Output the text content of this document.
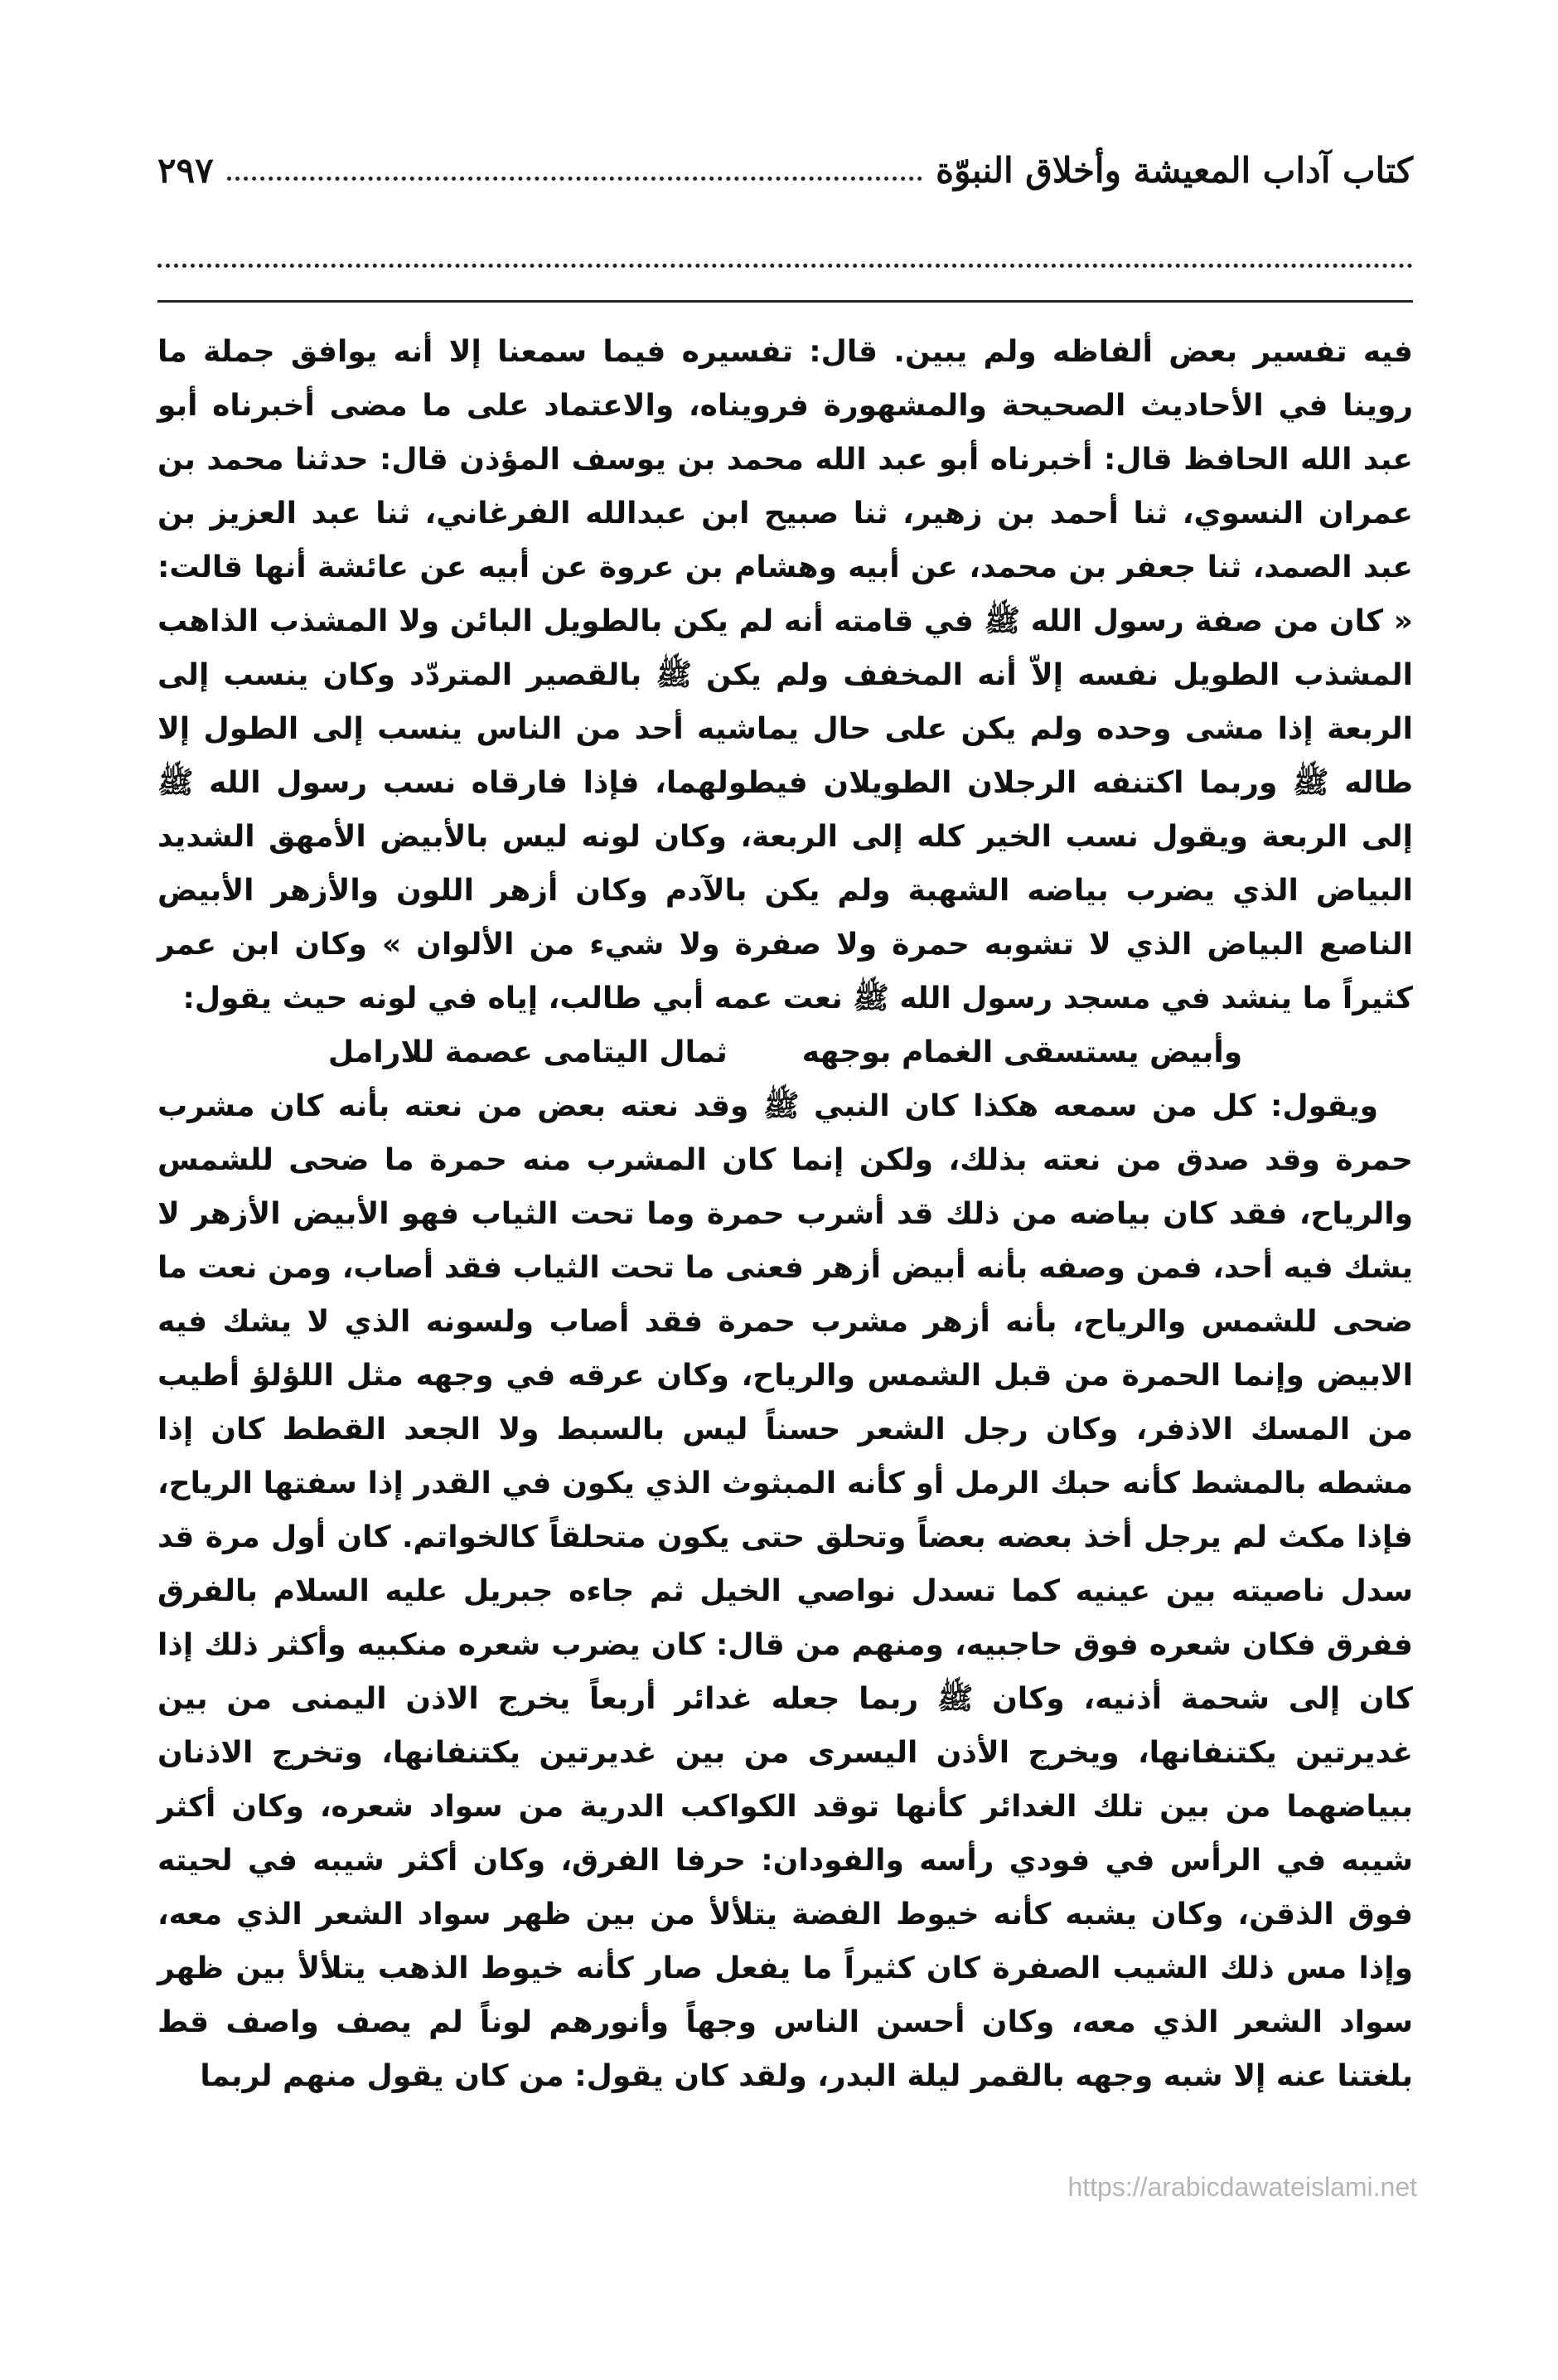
كتاب آداب المعيشة وأخلاق النبوّة
٢٩٧

فيه تفسير بعض ألفاظه ولم يبين. قال: تفسيره فيما سمعنا إلا أنه يوافق جملة ما روينا في الأحاديث الصحيحة والمشهورة فرويناه، والاعتماد على ما مضى أخبرناه أبو عبد الله الحافظ قال: أخبرناه أبو عبد الله محمد بن يوسف المؤذن قال: حدثنا محمد بن عمران النسوي، ثنا أحمد بن زهير، ثنا صبيح ابن عبدالله الفرغاني، ثنا عبد العزيز بن عبد الصمد، ثنا جعفر بن محمد، عن أبيه وهشام بن عروة عن أبيه عن عائشة أنها قالت: « كان من صفة رسول الله ﷺ في قامته أنه لم يكن بالطويل البائن ولا المشذب الذاهب المشذب الطويل نفسه إلاّ أنه المخفف ولم يكن ﷺ بالقصير المتردّد وكان ينسب إلى الربعة إذا مشى وحده ولم يكن على حال يماشيه أحد من الناس ينسب إلى الطول إلا طاله ﷺ وربما اكتنفه الرجلان الطويلان فيطولهما، فإذا فارقاه نسب رسول الله ﷺ إلى الربعة ويقول نسب الخير كله إلى الربعة، وكان لونه ليس بالأبيض الأمهق الشديد البياض الذي يضرب بياضه الشهبة ولم يكن بالآدم وكان أزهر اللون والأزهر الأبيض الناصع البياض الذي لا تشوبه حمرة ولا صفرة ولا شيء من الألوان » وكان ابن عمر كثيراً ما ينشد في مسجد رسول الله ﷺ نعت عمه أبي طالب، إياه في لونه حيث يقول:

وأبيض يستسقى الغمام بوجهه
ثمال اليتامى عصمة للارامل

ويقول: كل من سمعه هكذا كان النبي ﷺ وقد نعته بعض من نعته بأنه كان مشرب حمرة وقد صدق من نعته بذلك، ولكن إنما كان المشرب منه حمرة ما ضحى للشمس والرياح، فقد كان بياضه من ذلك قد أشرب حمرة وما تحت الثياب فهو الأبيض الأزهر لا يشك فيه أحد، فمن وصفه بأنه أبيض أزهر فعنى ما تحت الثياب فقد أصاب، ومن نعت ما ضحى للشمس والرياح، بأنه أزهر مشرب حمرة فقد أصاب ولسونه الذي لا يشك فيه الابيض وإنما الحمرة من قبل الشمس والرياح، وكان عرقه في وجهه مثل اللؤلؤ أطيب من المسك الاذفر، وكان رجل الشعر حسناً ليس بالسبط ولا الجعد القطط كان إذا مشطه بالمشط كأنه حبك الرمل أو كأنه المبثوث الذي يكون في القدر إذا سفتها الرياح، فإذا مكث لم يرجل أخذ بعضه بعضاً وتحلق حتى يكون متحلقاً كالخواتم. كان أول مرة قد سدل ناصيته بين عينيه كما تسدل نواصي الخيل ثم جاءه جبريل عليه السلام بالفرق ففرق فكان شعره فوق حاجبيه، ومنهم من قال: كان يضرب شعره منكبيه وأكثر ذلك إذا كان إلى شحمة أذنيه، وكان ﷺ ربما جعله غدائر أربعاً يخرج الاذن اليمنى من بين غديرتين يكتنفانها، ويخرج الأذن اليسرى من بين غديرتين يكتنفانها، وتخرج الاذنان ببياضهما من بين تلك الغدائر كأنها توقد الكواكب الدرية من سواد شعره، وكان أكثر شيبه في الرأس في فودي رأسه والفودان: حرفا الفرق، وكان أكثر شيبه في لحيته فوق الذقن، وكان يشبه كأنه خيوط الفضة يتلألأ من بين ظهر سواد الشعر الذي معه، وإذا مس ذلك الشيب الصفرة كان كثيراً ما يفعل صار كأنه خيوط الذهب يتلألأ بين ظهر سواد الشعر الذي معه، وكان أحسن الناس وجهاً وأنورهم لوناً لم يصف واصف قط بلغتنا عنه إلا شبه وجهه بالقمر ليلة البدر، ولقد كان يقول: من كان يقول منهم لربما

https://arabicdawateislami.net
